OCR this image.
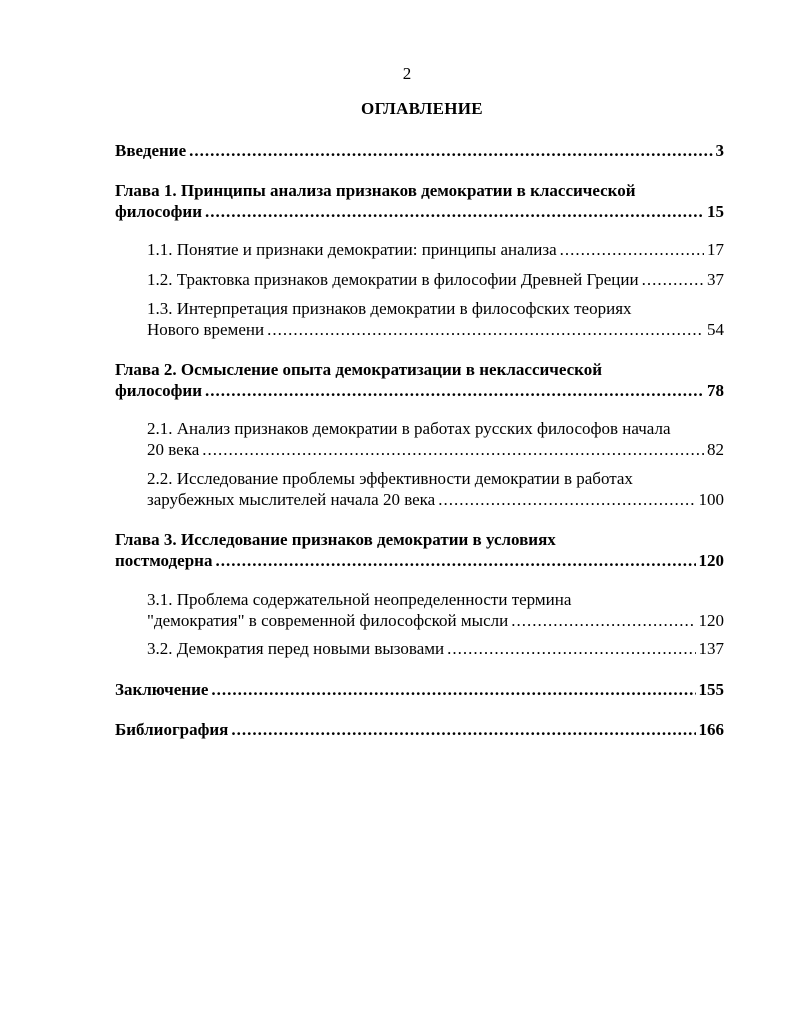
2
ОГЛАВЛЕНИЕ
Введение .....	3
Глава 1. Принципы анализа признаков демократии в классической
философии .....	15
1.1. Понятие и признаки демократии: принципы анализа .....	17
1.2. Трактовка признаков демократии в философии Древней Греции .....	37
1.3. Интерпретация признаков демократии в философских теориях
Нового времени .....	54
Глава 2. Осмысление опыта демократизации в неклассической
философии .....	78
2.1. Анализ признаков демократии в работах русских философов начала
20 века .....	82
2.2. Исследование проблемы эффективности демократии в работах
зарубежных мыслителей начала 20 века .....	100
Глава 3. Исследование признаков демократии в условиях
постмодерна .....	120
3.1. Проблема содержательной неопределенности термина
"демократия" в современной философской мысли .....	120
3.2. Демократия перед новыми вызовами .....	137
Заключение .....	155
Библиография .....	166
